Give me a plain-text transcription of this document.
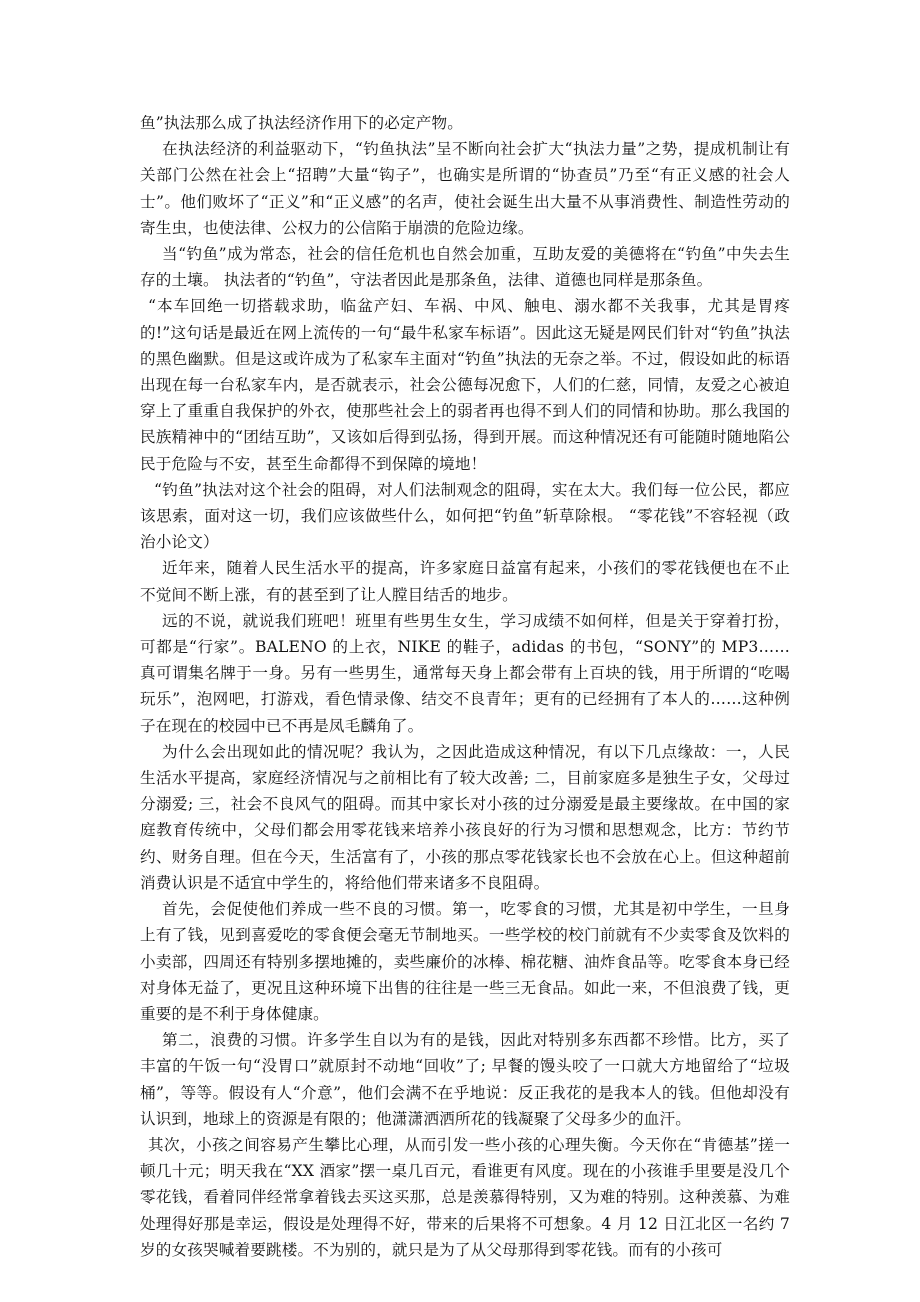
鱼”执法那么成了执法经济作用下的必定产物。

在执法经济的利益驱动下，“钓鱼执法”呈不断向社会扩大“执法力量”之势，提成机制让有关部门公然在社会上“招聘”大量“钩子”，也确实是所谓的“协查员”乃至“有正义感的社会人士”。他们败坏了“正义”和“正义感”的名声，使社会诞生出大量不从事消费性、制造性劳动的寄生虫，也使法律、公权力的公信陷于崩溃的危险边缘。

当“钓鱼”成为常态，社会的信任危机也自然会加重，互助友爱的美德将在“钓鱼”中失去生存的土壤。 执法者的“钓鱼”，守法者因此是那条鱼，法律、道德也同样是那条鱼。

“本车回绝一切搭载求助，临盆产妇、车祸、中风、触电、溺水都不关我事，尤其是胃疼的!”这句话是最近在网上流传的一句“最牛私家车标语”。因此这无疑是网民们针对“钓鱼”执法的黑色幽默。但是这或许成为了私家车主面对“钓鱼”执法的无奈之举。不过，假设如此的标语出现在每一台私家车内，是否就表示，社会公德每况愈下，人们的仁慈，同情，友爱之心被迫穿上了重重自我保护的外衣，使那些社会上的弱者再也得不到人们的同情和协助。那么我国的民族精神中的“团结互助”，又该如后得到弘扬，得到开展。而这种情况还有可能随时随地陷公民于危险与不安，甚至生命都得不到保障的境地！

“钓鱼”执法对这个社会的阻碍，对人们法制观念的阻碍，实在太大。我们每一位公民，都应该思索，面对这一切，我们应该做些什么，如何把“钓鱼”斩草除根。 “零花钱”不容轻视（政治小论文）

近年来，随着人民生活水平的提高，许多家庭日益富有起来，小孩们的零花钱便也在不止不觉间不断上涨，有的甚至到了让人膛目结舌的地步。

远的不说，就说我们班吧！班里有些男生女生，学习成绩不如何样，但是关于穿着打扮，可都是“行家”。BALENO 的上衣，NIKE 的鞋子，adidas 的书包，“SONY”的 MP3……真可谓集名牌于一身。另有一些男生，通常每天身上都会带有上百块的钱，用于所谓的“吃喝玩乐”，泡网吧，打游戏，看色情录像、结交不良青年；更有的已经拥有了本人的……这种例子在现在的校园中已不再是凤毛麟角了。

为什么会出现如此的情况呢？我认为，之因此造成这种情况，有以下几点缘故：一，人民生活水平提高，家庭经济情况与之前相比有了较大改善; 二，目前家庭多是独生子女，父母过分溺爱; 三，社会不良风气的阻碍。而其中家长对小孩的过分溺爱是最主要缘故。在中国的家庭教育传统中，父母们都会用零花钱来培养小孩良好的行为习惯和思想观念，比方：节约节约、财务自理。但在今天，生活富有了，小孩的那点零花钱家长也不会放在心上。但这种超前消费认识是不适宜中学生的，将给他们带来诸多不良阻碍。

首先，会促使他们养成一些不良的习惯。第一，吃零食的习惯，尤其是初中学生，一旦身上有了钱，见到喜爱吃的零食便会毫无节制地买。一些学校的校门前就有不少卖零食及饮料的小卖部，四周还有特别多摆地摊的，卖些廉价的冰棒、棉花糖、油炸食品等。吃零食本身已经对身体无益了，更况且这种环境下出售的往往是一些三无食品。如此一来，不但浪费了钱，更重要的是不利于身体健康。

第二，浪费的习惯。许多学生自以为有的是钱，因此对特别多东西都不珍惜。比方，买了丰富的午饭一句“没胃口”就原封不动地“回收”了; 早餐的馒头咬了一口就大方地留给了“垃圾桶”，等等。假设有人“介意”，他们会满不在乎地说：反正我花的是我本人的钱。但他却没有认识到，地球上的资源是有限的；他潇潇洒洒所花的钱凝聚了父母多少的血汗。

其次，小孩之间容易产生攀比心理，从而引发一些小孩的心理失衡。今天你在“肯德基”搓一顿几十元；明天我在“XX 酒家”摆一桌几百元，看谁更有风度。现在的小孩谁手里要是没几个零花钱，看着同伴经常拿着钱去买这买那，总是羡慕得特别，又为难的特别。这种羡慕、为难处理得好那是幸运，假设是处理得不好，带来的后果将不可想象。4 月 12 日江北区一名约 7 岁的女孩哭喊着要跳楼。不为别的，就只是为了从父母那得到零花钱。而有的小孩可
